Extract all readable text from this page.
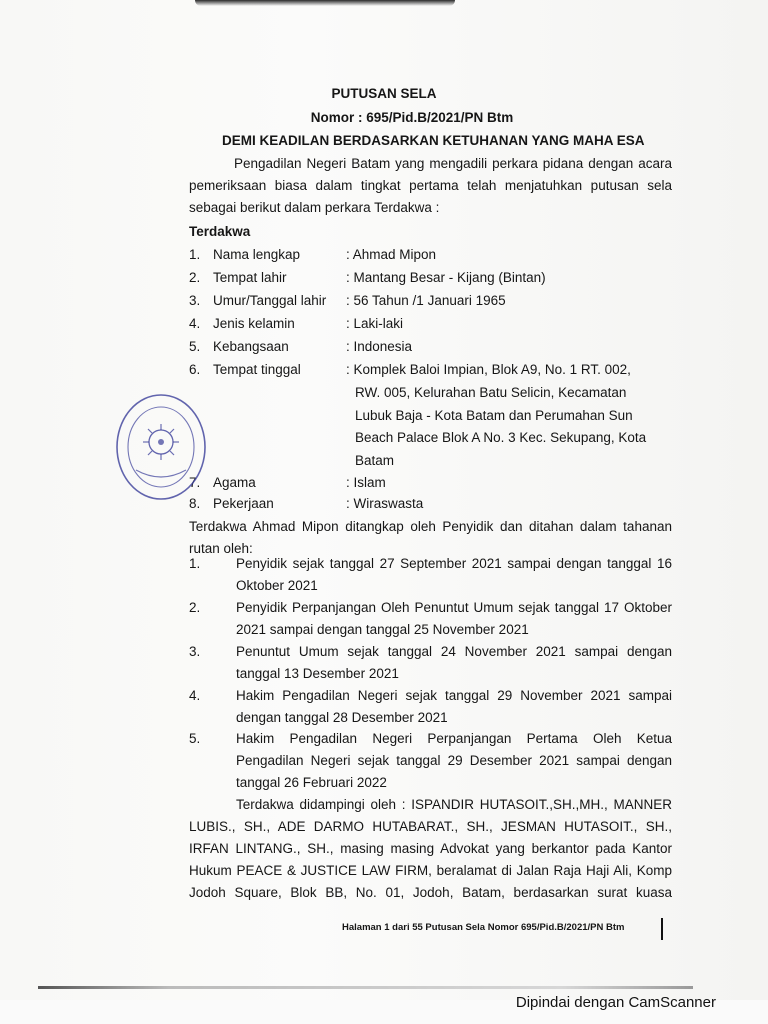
PUTUSAN SELA
Nomor : 695/Pid.B/2021/PN Btm
DEMI KEADILAN BERDASARKAN KETUHANAN YANG MAHA ESA
Pengadilan Negeri Batam yang mengadili perkara pidana dengan acara
pemeriksaan biasa dalam tingkat pertama telah menjatuhkan putusan sela
sebagai berikut dalam perkara Terdakwa :
Terdakwa
1. Nama lengkap	: Ahmad Mipon
2. Tempat lahir	: Mantang Besar - Kijang (Bintan)
3. Umur/Tanggal lahir : 56 Tahun /1 Januari 1965
4. Jenis kelamin	: Laki-laki
5. Kebangsaan	: Indonesia
6. Tempat tinggal	: Komplek Baloi Impian, Blok A9, No. 1 RT. 002,
RW. 005, Kelurahan Batu Selicin, Kecamatan
Lubuk Baja - Kota Batam dan Perumahan Sun
Beach Palace Blok A No. 3 Kec. Sekupang, Kota
Batam
7. Agama	: Islam
8. Pekerjaan	: Wiraswasta
Terdakwa Ahmad Mipon ditangkap oleh Penyidik dan ditahan dalam tahanan
rutan oleh:
1.	Penyidik sejak tanggal 27 September 2021 sampai dengan tanggal 16
Oktober 2021
2.	Penyidik Perpanjangan Oleh Penuntut Umum sejak tanggal 17 Oktober
2021 sampai dengan tanggal 25 November 2021
3.	Penuntut Umum sejak tanggal 24 November 2021 sampai dengan
tanggal 13 Desember 2021
4.	Hakim Pengadilan Negeri sejak tanggal 29 November 2021 sampai
dengan tanggal 28 Desember 2021
5.	Hakim Pengadilan Negeri Perpanjangan Pertama Oleh Ketua
Pengadilan Negeri sejak tanggal 29 Desember 2021 sampai dengan
tanggal 26 Februari 2022
Terdakwa didampingi oleh : ISPANDIR HUTASOIT.,SH.,MH., MANNER
LUBIS., SH., ADE DARMO HUTABARAT., SH., JESMAN HUTASOIT., SH.,
IRFAN LINTANG., SH., masing masing Advokat yang berkantor pada Kantor
Hukum PEACE & JUSTICE LAW FIRM, beralamat di Jalan Raja Haji Ali, Komp
Jodoh Square, Blok BB, No. 01, Jodoh, Batam, berdasarkan surat kuasa
Halaman 1 dari 55 Putusan Sela Nomor 695/Pid.B/2021/PN Btm
Dipindai dengan CamScanner
